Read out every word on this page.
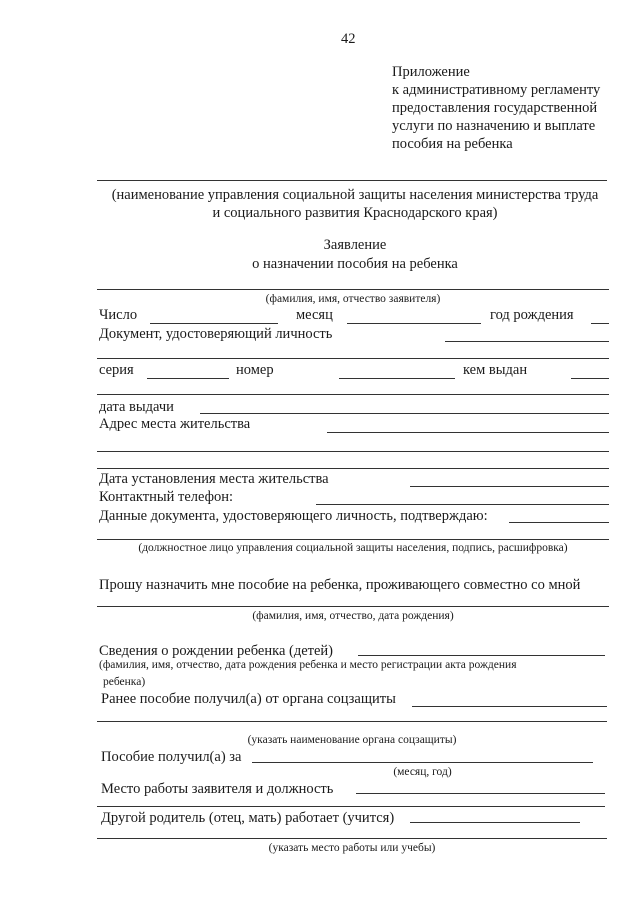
42
Приложение
к административному регламенту
предоставления государственной
услуги по назначению и выплате
пособия на ребенка
(наименование управления социальной защиты населения министерства труда
и социального развития Краснодарского края)
Заявление
о назначении пособия на ребенка
(фамилия, имя, отчество заявителя)
Число	месяц	год рождения
Документ, удостоверяющий личность
серия	номер	кем выдан
дата выдачи
Адрес места жительства
Дата установления места жительства
Контактный телефон:
Данные документа, удостоверяющего личность, подтверждаю:
(должностное лицо управления социальной защиты населения, подпись, расшифровка)
Прошу назначить мне пособие на ребенка, проживающего совместно со мной
(фамилия, имя, отчество, дата рождения)
Сведения о рождении ребенка (детей)
(фамилия, имя, отчество, дата рождения ребенка и место регистрации акта рождения
ребенка)
Ранее пособие получил(а) от органа соцзащиты
(указать наименование органа соцзащиты)
Пособие получил(а) за
(месяц, год)
Место работы заявителя и должность
Другой родитель (отец, мать) работает (учится)
(указать место работы или учебы)
